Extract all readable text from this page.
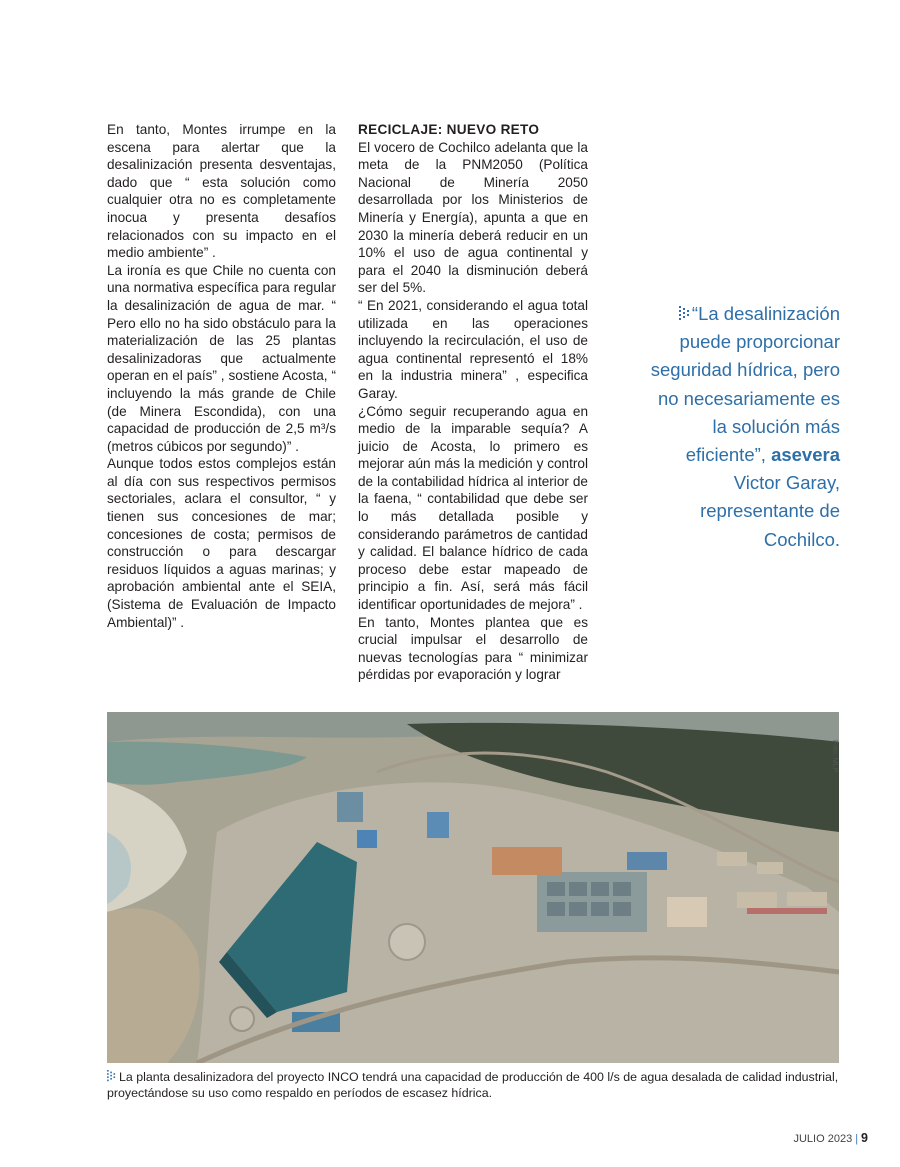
En tanto, Montes irrumpe en la escena para alertar que la desalinización presenta desventajas, dado que “ esta solución como cualquier otra no es completamente inocua y presenta desafíos relacionados con su impacto en el medio ambiente” .

La ironía es que Chile no cuenta con una normativa específica para regular la desalinización de agua de mar. “ Pero ello no ha sido obstáculo para la materialización de las 25 plantas desalinizadoras que actualmente operan en el país” , sostiene Acosta, “ incluyendo la más grande de Chile (de Minera Escondida), con una capacidad de producción de 2,5 m³/s (metros cúbicos por segundo)” .

Aunque todos estos complejos están al día con sus respectivos permisos sectoriales, aclara el consultor, “ y tienen sus concesiones de mar; concesiones de costa; permisos de construcción o para descargar residuos líquidos a aguas marinas; y aprobación ambiental ante el SEIA, (Sistema de Evaluación de Impacto Ambiental)” .

RECICLAJE: NUEVO RETO

El vocero de Cochilco adelanta que la meta de la PNM2050 (Política Nacional de Minería 2050 desarrollada por los Ministerios de Minería y Energía), apunta a que en 2030 la minería deberá reducir en un 10% el uso de agua continental y para el 2040 la disminución deberá ser del 5%.

“ En 2021, considerando el agua total utilizada en las operaciones incluyendo la recirculación, el uso de agua continental representó el 18% en la industria minera” , especifica Garay.

¿Cómo seguir recuperando agua en medio de la imparable sequía? A juicio de Acosta, lo primero es mejorar aún más la medición y control de la contabilidad hídrica al interior de la faena, “ contabilidad que debe ser lo más detallada posible y considerando parámetros de cantidad y calidad. El balance hídrico de cada proceso debe estar mapeado de principio a fin. Así, será más fácil identificar oportunidades de mejora” .

En tanto, Montes plantea que es crucial impulsar el desarrollo de nuevas tecnologías para “ minimizar pérdidas por evaporación y lograr

“La desalinización puede proporcionar seguridad hídrica, pero no necesariamente es la solución más eficiente”, asevera Victor Garay, representante de Cochilco.
Foto: MLP
La planta desalinizadora del proyecto INCO tendrá una capacidad de producción de 400 l/s de agua desalada de calidad industrial, proyectándose su uso como respaldo en períodos de escasez hídrica.
JULIO 2023 | 9
